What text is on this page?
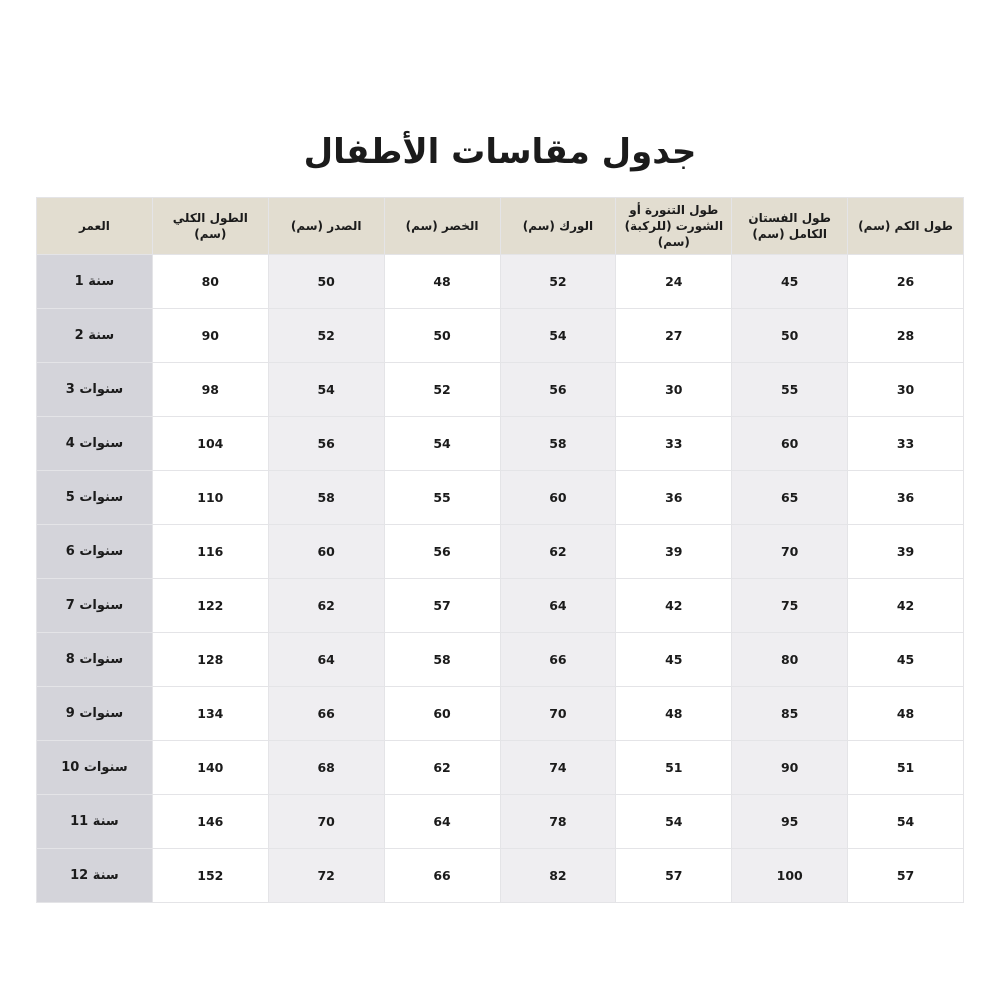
جدول مقاسات الأطفال
طول الكم (سم)	طول الفستان الكامل (سم)	طول التنورة أو الشورت (للركبة) (سم)	الورك (سم)	الخصر (سم)	الصدر (سم)	الطول الكلي (سم)	العمر
26	45	24	52	48	50	80	سنة 1
28	50	27	54	50	52	90	سنة 2
30	55	30	56	52	54	98	سنوات 3
33	60	33	58	54	56	104	سنوات 4
36	65	36	60	55	58	110	سنوات 5
39	70	39	62	56	60	116	سنوات 6
42	75	42	64	57	62	122	سنوات 7
45	80	45	66	58	64	128	سنوات 8
48	85	48	70	60	66	134	سنوات 9
51	90	51	74	62	68	140	سنوات 10
54	95	54	78	64	70	146	سنة 11
57	100	57	82	66	72	152	سنة 12
